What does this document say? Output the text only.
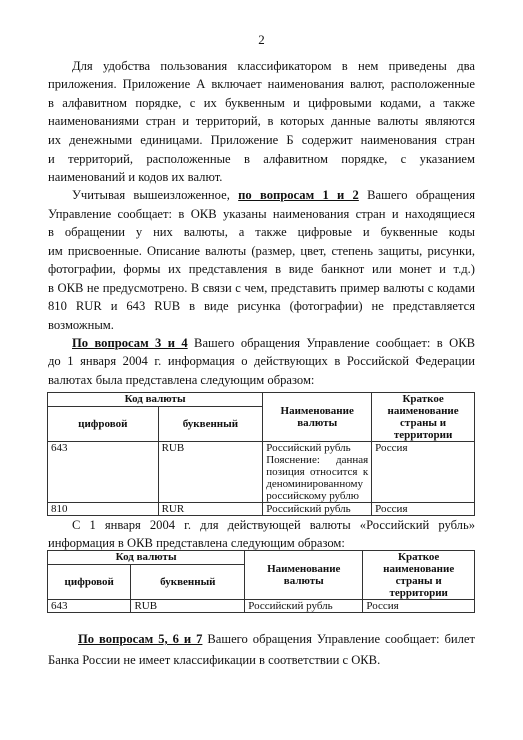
2
Для удобства пользования классификатором в нем приведены два
приложения. Приложение А включает наименования валют, расположенные
в алфавитном порядке, с их буквенным и цифровыми кодами, а также
наименованиями стран и территорий, в которых данные валюты являются
их денежными единицами. Приложение Б содержит наименования стран
и территорий, расположенные в алфавитном порядке, с указанием
наименований и кодов их валют.
Учитывая вышеизложенное, по вопросам 1 и 2 Вашего обращения
Управление сообщает: в ОКВ указаны наименования стран и находящиеся
в обращении у них валюты, а также цифровые и буквенные коды
им присвоенные. Описание валюты (размер, цвет, степень защиты, рисунки,
фотографии, формы их представления в виде банкнот или монет и т.д.)
в ОКВ не предусмотрено. В связи с чем, представить пример валюты с кодами
810 RUR и 643 RUB в виде рисунка (фотографии) не представляется
возможным.
По вопросам 3 и 4 Вашего обращения Управление сообщает: в ОКВ
до 1 января 2004 г. информация о действующих в Российской Федерации
валютах была представлена следующим образом:
Код валюты		Наименование валюты	Краткое наименование страны и территории
цифровой	буквенный		
643	RUB	Российский рубль
Пояснение: данная
позиция относится к
деноминированному
российскому рублю	Россия
810	RUR	Российский рубль	Россия
С 1 января 2004 г. для действующей валюты «Российский рубль»
информация в ОКВ представлена следующим образом:
Код валюты		Наименование валюты	Краткое наименование страны и территории
цифровой	буквенный		
643	RUB	Российский рубль	Россия
По вопросам 5, 6 и 7 Вашего обращения Управление сообщает: билет
Банка России не имеет классификации в соответствии с ОКВ.
